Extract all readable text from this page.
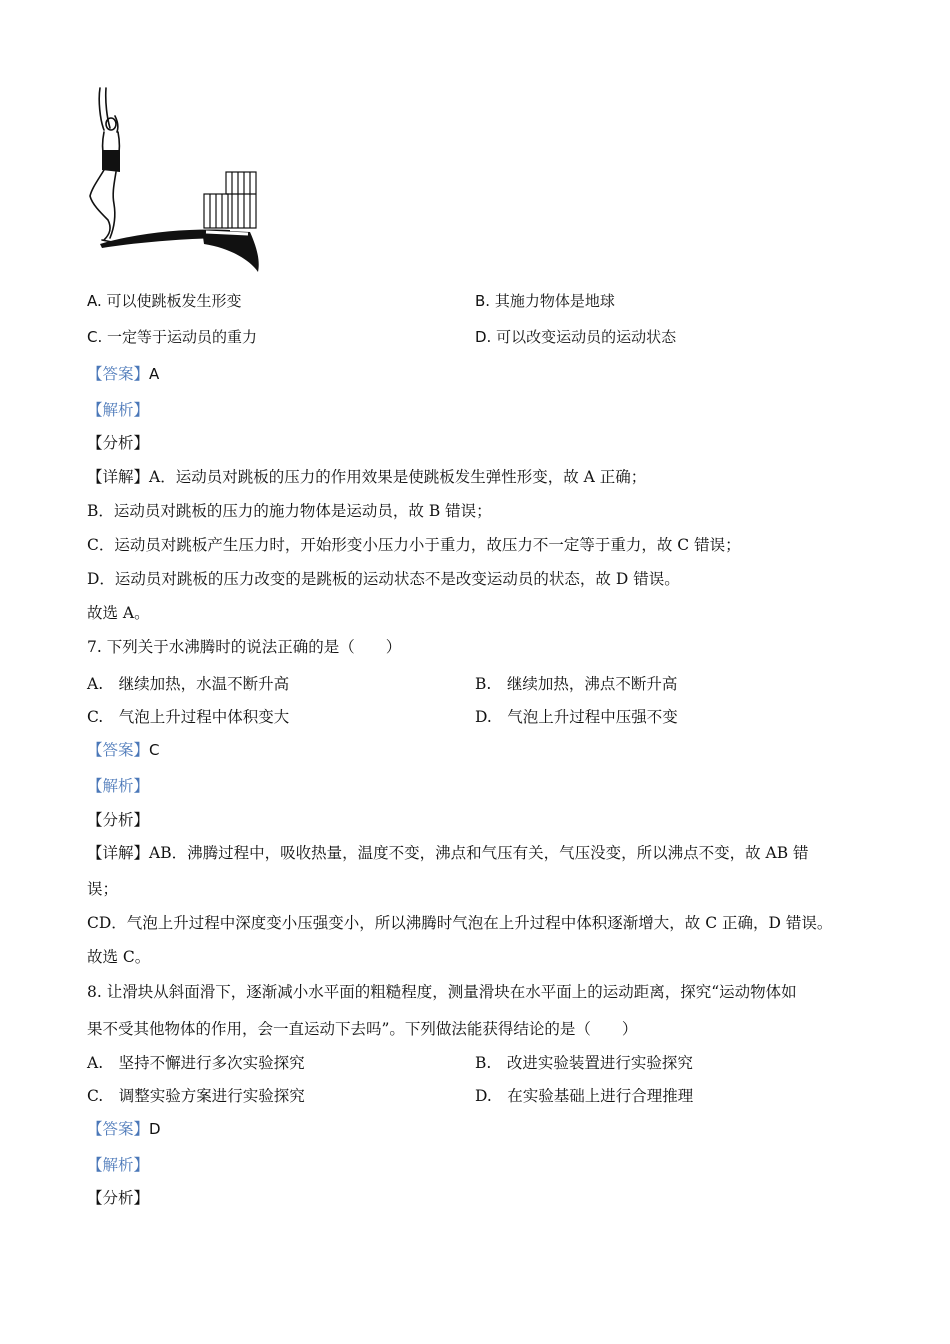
A. 可以使跳板发生形变	B. 其施力物体是地球
C. 一定等于运动员的重力	D. 可以改变运动员的运动状态
【答案】A
【解析】
【分析】
【详解】A．运动员对跳板的压力的作用效果是使跳板发生弹性形变，故 A 正确；
B．运动员对跳板的压力的施力物体是运动员，故 B 错误；
C．运动员对跳板产生压力时，开始形变小压力小于重力，故压力不一定等于重力，故 C 错误；
D．运动员对跳板的压力改变的是跳板的运动状态不是改变运动员的状态，故 D 错误。
故选 A。
7. 下列关于水沸腾时的说法正确的是（　　）
A.　继续加热，水温不断升高	B.　继续加热，沸点不断升高
C.　气泡上升过程中体积变大	D.　气泡上升过程中压强不变
【答案】C
【解析】
【分析】
【详解】AB．沸腾过程中，吸收热量，温度不变，沸点和气压有关，气压没变，所以沸点不变，故 AB 错
误；
CD．气泡上升过程中深度变小压强变小，所以沸腾时气泡在上升过程中体积逐渐增大，故 C 正确，D 错误。
故选 C。
8. 让滑块从斜面滑下，逐渐减小水平面的粗糙程度，测量滑块在水平面上的运动距离，探究“运动物体如
果不受其他物体的作用，会一直运动下去吗”。下列做法能获得结论的是（　　）
A.　坚持不懈进行多次实验探究	B.　改进实验装置进行实验探究
C.　调整实验方案进行实验探究	D.　在实验基础上进行合理推理
【答案】D
【解析】
【分析】
